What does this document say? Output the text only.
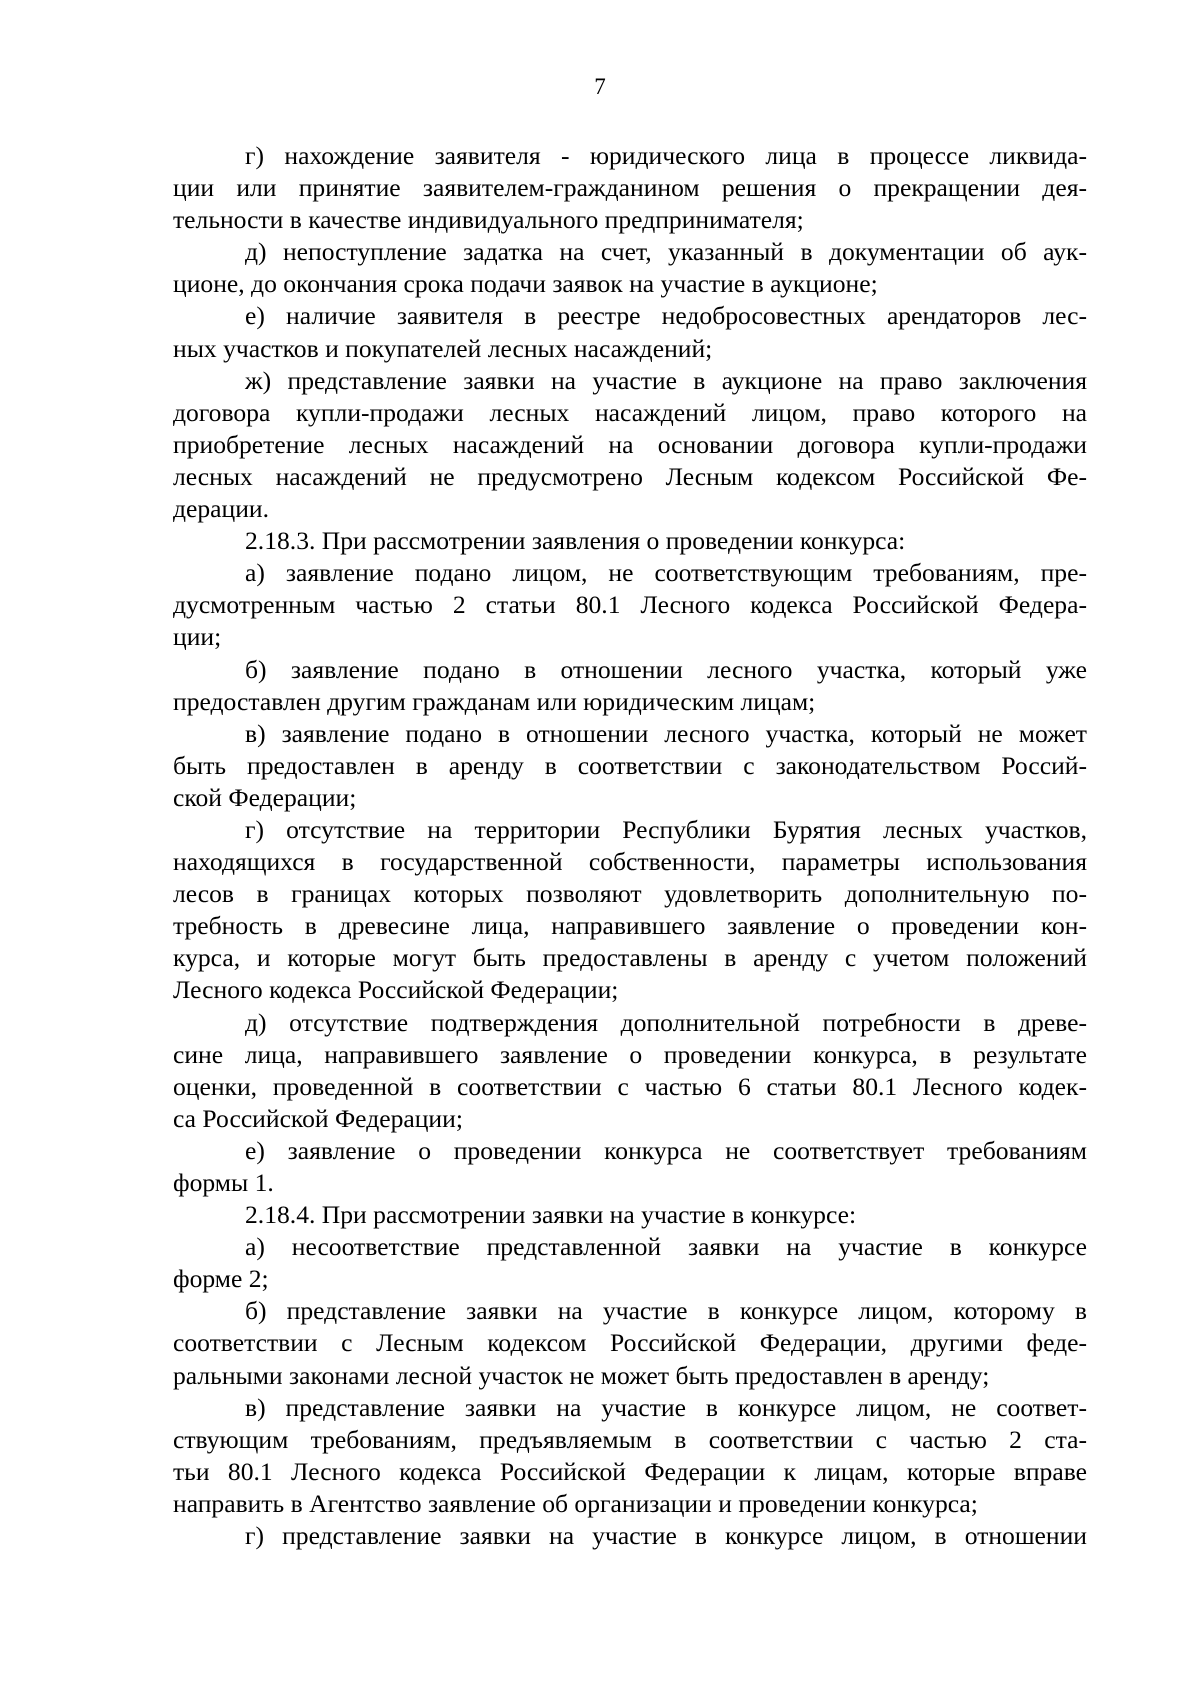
7

г) нахождение заявителя - юридического лица в процессе ликвида-
ции или принятие заявителем-гражданином решения о прекращении дея-
тельности в качестве индивидуального предпринимателя;
д) непоступление задатка на счет, указанный в документации об аук-
ционе, до окончания срока подачи заявок на участие в аукционе;
е) наличие заявителя в реестре недобросовестных арендаторов лес-
ных участков и покупателей лесных насаждений;
ж) представление заявки на участие в аукционе на право заключения
договора купли-продажи лесных насаждений лицом, право которого на
приобретение лесных насаждений на основании договора купли-продажи
лесных насаждений не предусмотрено Лесным кодексом Российской Фе-
дерации.
2.18.3. При рассмотрении заявления о проведении конкурса:
а) заявление подано лицом, не соответствующим требованиям, пре-
дусмотренным частью 2 статьи 80.1 Лесного кодекса Российской Федера-
ции;
б) заявление подано в отношении лесного участка, который уже
предоставлен другим гражданам или юридическим лицам;
в) заявление подано в отношении лесного участка, который не может
быть предоставлен в аренду в соответствии с законодательством Россий-
ской Федерации;
г) отсутствие на территории Республики Бурятия лесных участков,
находящихся в государственной собственности, параметры использования
лесов в границах которых позволяют удовлетворить дополнительную по-
требность в древесине лица, направившего заявление о проведении кон-
курса, и которые могут быть предоставлены в аренду с учетом положений
Лесного кодекса Российской Федерации;
д) отсутствие подтверждения дополнительной потребности в древе-
сине лица, направившего заявление о проведении конкурса, в результате
оценки, проведенной в соответствии с частью 6 статьи 80.1 Лесного кодек-
са Российской Федерации;
е) заявление о проведении конкурса не соответствует требованиям
формы 1.
2.18.4. При рассмотрении заявки на участие в конкурсе:
а) несоответствие представленной заявки на участие в конкурсе
форме 2;
б) представление заявки на участие в конкурсе лицом, которому в
соответствии с Лесным кодексом Российской Федерации, другими феде-
ральными законами лесной участок не может быть предоставлен в аренду;
в) представление заявки на участие в конкурсе лицом, не соответ-
ствующим требованиям, предъявляемым в соответствии с частью 2 ста-
тьи 80.1 Лесного кодекса Российской Федерации к лицам, которые вправе
направить в Агентство заявление об организации и проведении конкурса;
г) представление заявки на участие в конкурсе лицом, в отношении
